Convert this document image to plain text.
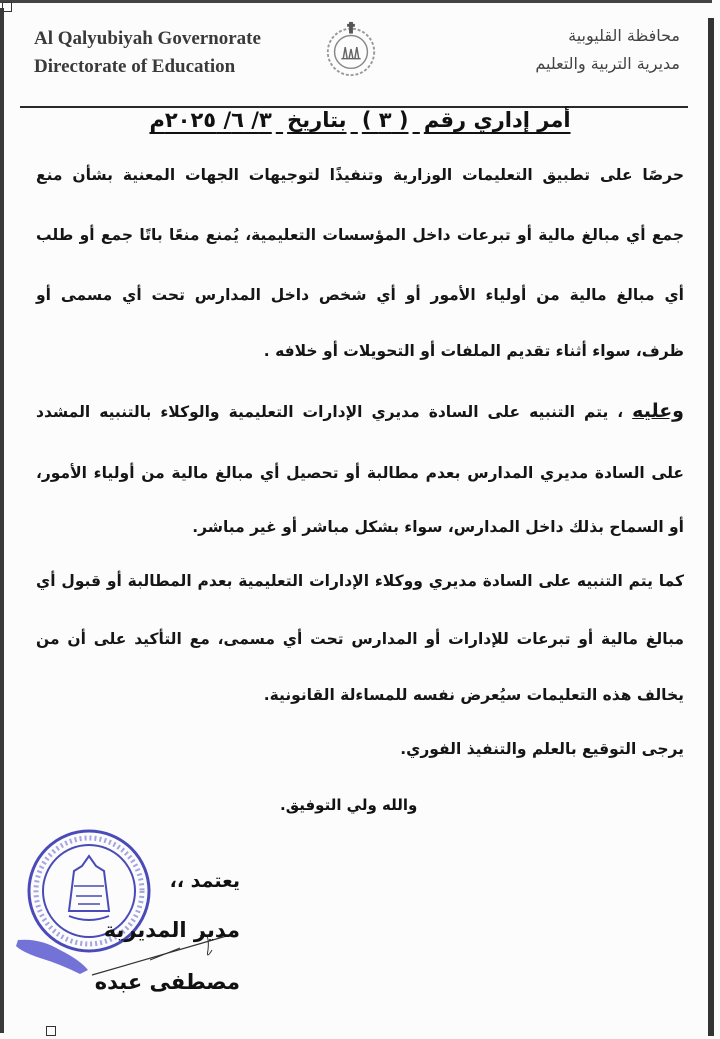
Al Qalyubiyah Governorate
Directorate of Education
محافظة القليوبية
مديرية التربية والتعليم
أمر إداري رقم ( ٣ ) بتاريخ ٣/ ٦/ ٢٠٢٥م
حرصًا على تطبيق التعليمات الوزارية وتنفيذًا لتوجيهات الجهات المعنية بشأن منع
جمع أي مبالغ مالية أو تبرعات داخل المؤسسات التعليمية، يُمنع منعًا باتًا جمع أو طلب
أي مبالغ مالية من أولياء الأمور أو أي شخص داخل المدارس تحت أي مسمى أو
ظرف، سواء أثناء تقديم الملفات أو التحويلات أو خلافه .
وعليه ، يتم التنبيه على السادة مديري الإدارات التعليمية والوكلاء بالتنبيه المشدد
على السادة مديري المدارس بعدم مطالبة أو تحصيل أي مبالغ مالية من أولياء الأمور،
أو السماح بذلك داخل المدارس، سواء بشكل مباشر أو غير مباشر.
كما يتم التنبيه على السادة مديري ووكلاء الإدارات التعليمية بعدم المطالبة أو قبول أي
مبالغ مالية أو تبرعات للإدارات أو المدارس تحت أي مسمى، مع التأكيد على أن من
يخالف هذه التعليمات سيُعرض نفسه للمساءلة القانونية.
يرجى التوقيع بالعلم والتنفيذ الفوري.
والله ولي التوفيق.
يعتمد ،،
مدير المديرية
مصطفى عبده
